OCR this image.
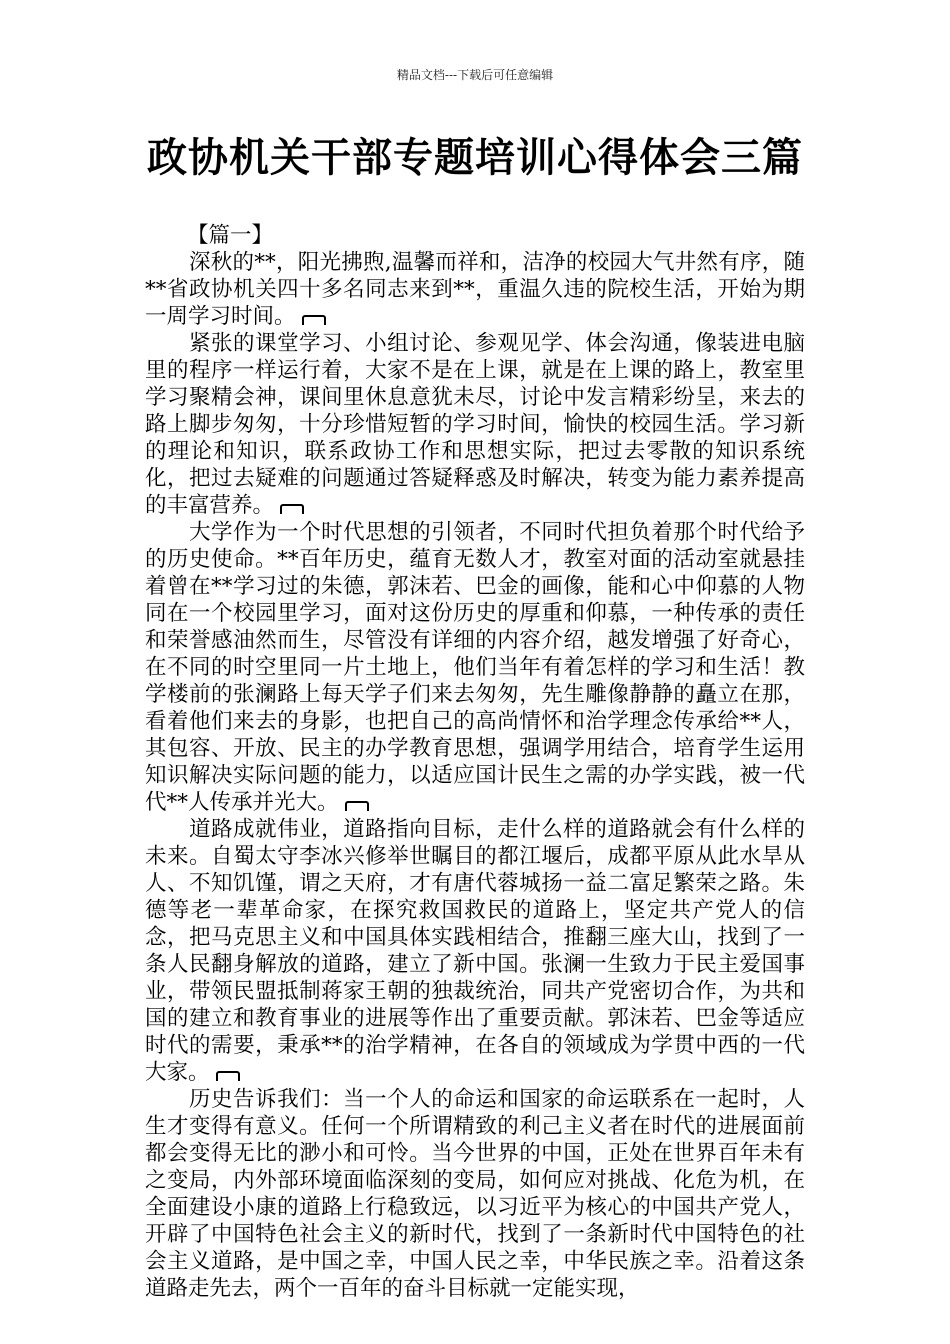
精品文档---下载后可任意编辑
政协机关干部专题培训心得体会三篇

【篇一】

深秋的**，阳光拂煦,温馨而祥和，洁净的校园大气井然有序，随**省政协机关四十多名同志来到**，重温久违的院校生活，开始为期一周学习时间。

紧张的课堂学习、小组讨论、参观见学、体会沟通，像装进电脑里的程序一样运行着，大家不是在上课，就是在上课的路上，教室里学习聚精会神，课间里休息意犹未尽，讨论中发言精彩纷呈，来去的路上脚步匆匆，十分珍惜短暂的学习时间，愉快的校园生活。学习新的理论和知识，联系政协工作和思想实际，把过去零散的知识系统化，把过去疑难的问题通过答疑释惑及时解决，转变为能力素养提高的丰富营养。

大学作为一个时代思想的引领者，不同时代担负着那个时代给予的历史使命。**百年历史，蕴育无数人才，教室对面的活动室就悬挂着曾在**学习过的朱德，郭沫若、巴金的画像，能和心中仰慕的人物同在一个校园里学习，面对这份历史的厚重和仰慕，一种传承的责任和荣誉感油然而生，尽管没有详细的内容介绍，越发增强了好奇心，在不同的时空里同一片土地上，他们当年有着怎样的学习和生活！教学楼前的张澜路上每天学子们来去匆匆，先生雕像静静的矗立在那，看着他们来去的身影，也把自己的高尚情怀和治学理念传承给**人，其包容、开放、民主的办学教育思想，强调学用结合，培育学生运用知识解决实际问题的能力，以适应国计民生之需的办学实践，被一代代**人传承并光大。

道路成就伟业，道路指向目标，走什么样的道路就会有什么样的未来。自蜀太守李冰兴修举世瞩目的都江堰后，成都平原从此水旱从人、不知饥馑，谓之天府，才有唐代蓉城扬一益二富足繁荣之路。朱德等老一辈革命家，在探究救国救民的道路上，坚定共产党人的信念，把马克思主义和中国具体实践相结合，推翻三座大山，找到了一条人民翻身解放的道路，建立了新中国。张澜一生致力于民主爱国事业，带领民盟抵制蒋家王朝的独裁统治，同共产党密切合作，为共和国的建立和教育事业的进展等作出了重要贡献。郭沫若、巴金等适应时代的需要，秉承**的治学精神，在各自的领域成为学贯中西的一代大家。

历史告诉我们：当一个人的命运和国家的命运联系在一起时，人生才变得有意义。任何一个所谓精致的利己主义者在时代的进展面前都会变得无比的渺小和可怜。当今世界的中国，正处在世界百年未有之变局，内外部环境面临深刻的变局，如何应对挑战、化危为机，在全面建设小康的道路上行稳致远，以习近平为核心的中国共产党人，开辟了中国特色社会主义的新时代，找到了一条新时代中国特色的社会主义道路，是中国之幸，中国人民之幸，中华民族之幸。沿着这条道路走先去，两个一百年的奋斗目标就一定能实现，
